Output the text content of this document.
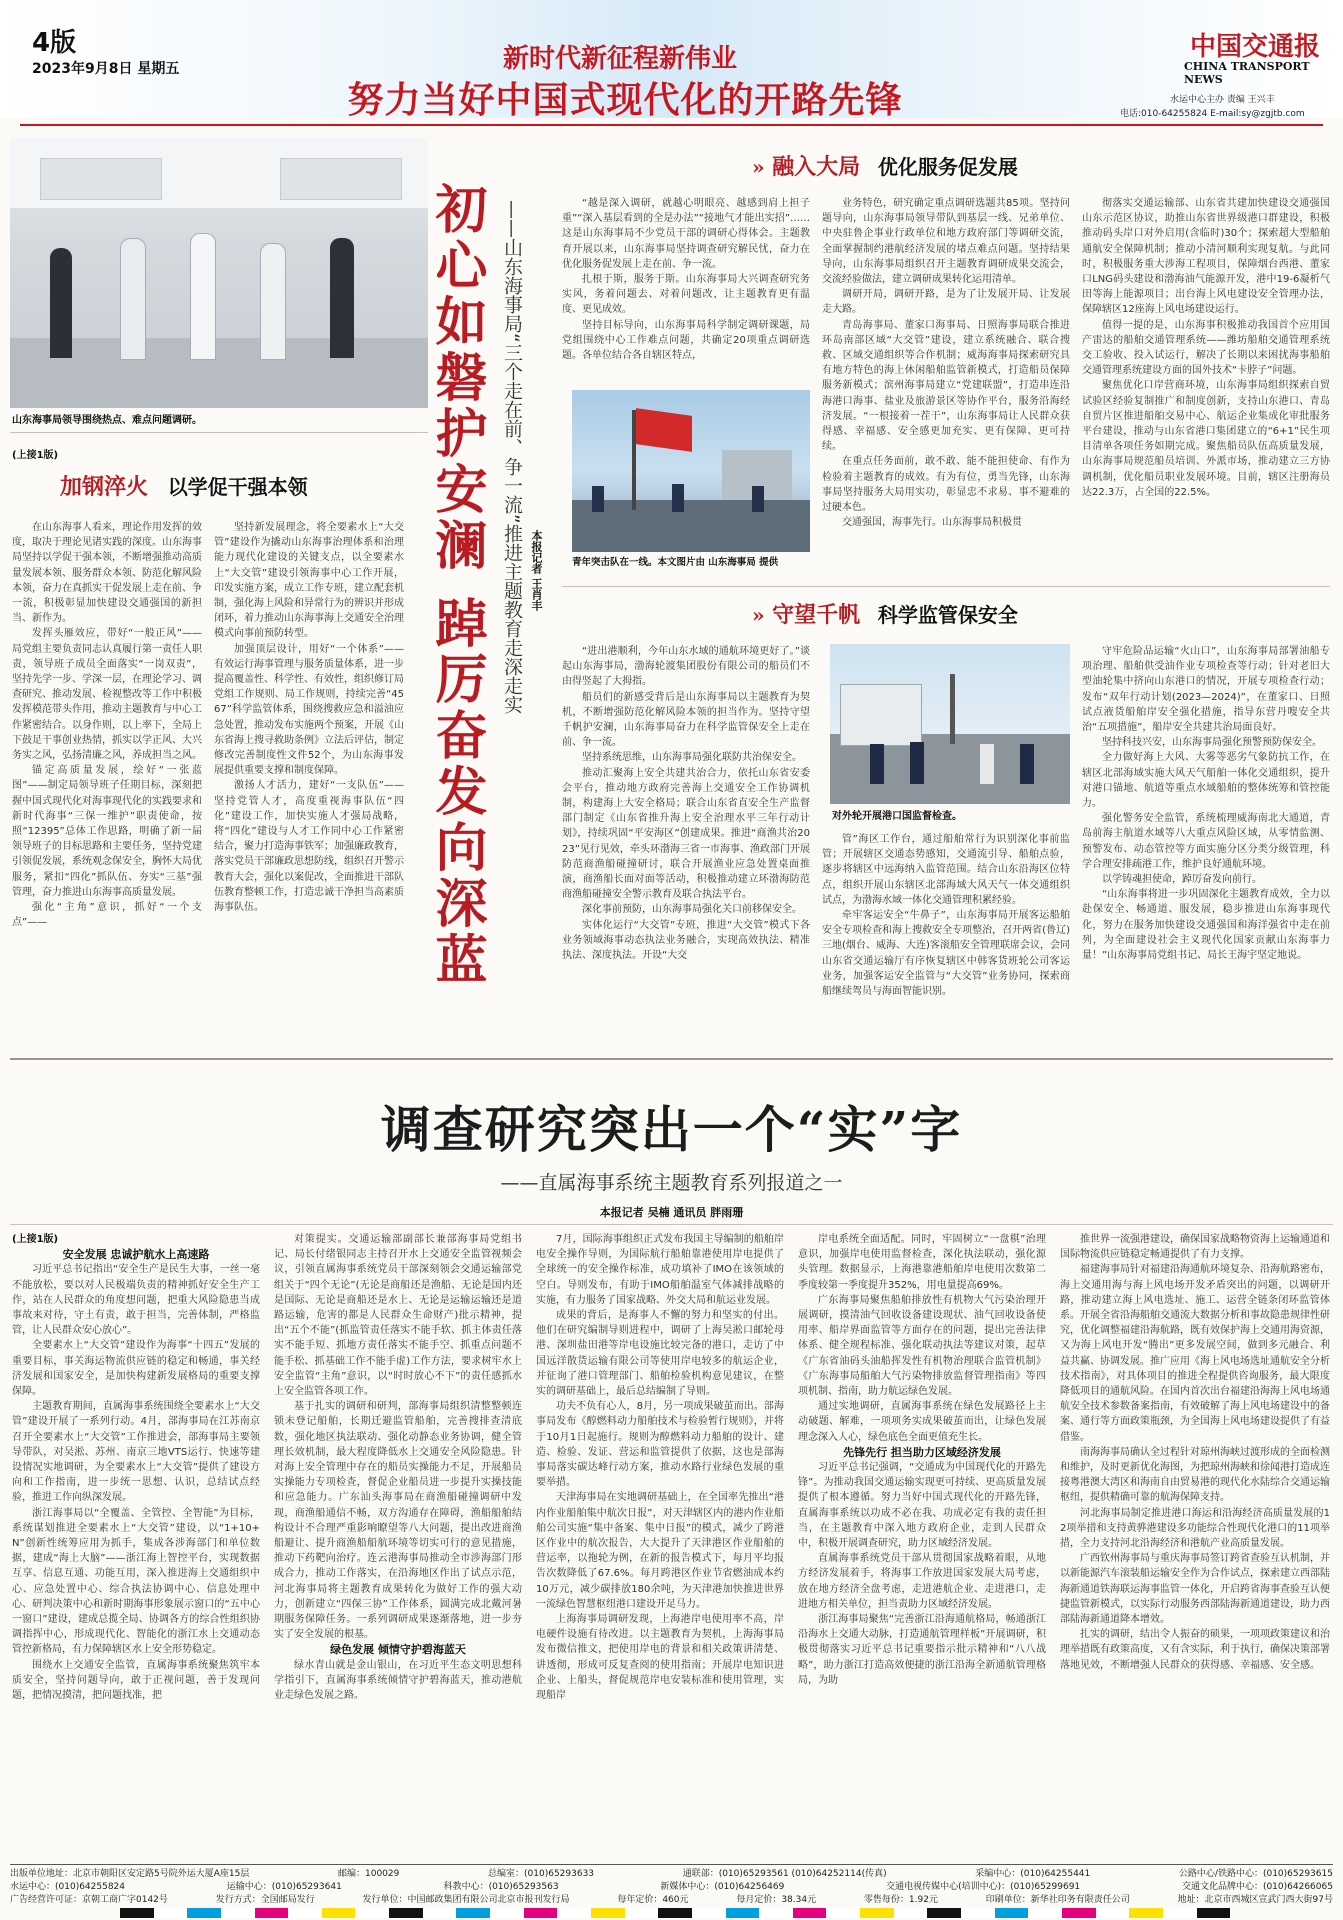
4版
2023年9月8日 星期五	新时代新征程新伟业
努力当好中国式现代化的开路先锋
中国交通报
CHINA TRANSPORT NEWS
水运中心主办 责编 王兴丰
电话:010-64255824 E-mail:sy@zgjtb.com
山东海事局领导围绕热点、难点问题调研。
(上接1版)
加钢淬火 以学促干强本领

在山东海事人看来，理论作用发挥的效度，取决于理论见诸实践的深度。山东海事局坚持以学促干强本领，不断增强推动高质量发展本领、服务群众本领、防范化解风险本领，奋力在真抓实干促发展上走在前、争一流，积极彰显加快建设交通强国的新担当、新作为。

发挥头雁效应，带好“一般正风”——局党组主要负责同志认真履行第一责任人职责，领导班子成员全面落实“一岗双责”，坚持先学一步、学深一层，在理论学习、调查研究、推动发展、检视整改等工作中积极发挥模范带头作用，推动主题教育与中心工作紧密结合。以身作则，以上率下，全局上下鼓足干事创业热情，抓实以学正风、大兴务实之风，弘扬清廉之风，养成担当之风。

锚定高质量发展，绘好“一张蓝图”——制定局领导班子任期目标，深刻把握中国式现代化对海事现代化的实践要求和新时代海事“三保一维护”职责使命，按照“12395”总体工作思路，明确了新一届领导班子的目标思路和主要任务，坚持党建引领促发展，系统观念保安全，胸怀大局优服务，紧扣“四化”抓队伍、夯实“三基”强管理，奋力推进山东海事高质量发展。

强化“主角”意识，抓好“一个支点”——

坚持新发展理念，将全要素水上“大交管”建设作为撬动山东海事治理体系和治理能力现代化建设的关键支点，以全要素水上“大交管”建设引领海事中心工作开展，印发实施方案，成立工作专班，建立配套机制，强化海上风险和异常行为的辨识并形成闭环，着力推动山东海事海上交通安全治理模式向事前预防转型。

加强顶层设计，用好“一个体系”——有效运行海事管理与服务质量体系，进一步提高覆盖性、科学性、有效性，组织修订局党组工作规则、局工作规则，持续完善“4567”科学监管体系，围绕搜救应急和溢油应急处置，推动发布实施两个预案，开展《山东省海上搜寻救助条例》立法后评估，制定修改完善制度性文件52个，为山东海事发展提供重要支撑和制度保障。

激扬人才活力，建好“一支队伍”——坚持党管人才，高度重视海事队伍“四化”建设工作，加快实施人才强局战略，将“四化”建设与人才工作同中心工作紧密结合，聚力打造海事铁军；加强廉政教育，落实党员干部廉政思想防线，组织召开警示教育大会，强化以案促改，全面推进干部队伍教育整顿工作，打造忠诚干净担当高素质海事队伍。	初心如磐护安澜 踔厉奋发向深蓝 ——山东海事局“三个走在前、争一流”推进主题教育走深走实 本报记者 王肖丰
» 融入大局 优化服务促发展

“越是深入调研，就越心明眼亮、越感到肩上担子重”“深入基层看到的全是办法”“接地气才能出实招”……这是山东海事局不少党员干部的调研心得体会。主题教育开展以来，山东海事局坚持调查研究解民忧，奋力在优化服务促发展上走在前、争一流。

扎根于斯，服务于斯。山东海事局大兴调查研究务实风，务着问题去、对着问题改，让主题教育更有温度、更见成效。

坚持目标导向，山东海事局科学制定调研课题，局党组围绕中心工作难点问题，共确定20项重点调研选题。各单位结合各自辖区特点，

青年突击队在一线。本文图片由 山东海事局 提供

业务特色，研究确定重点调研选题共85项。坚持问题导向，山东海事局领导带队到基层一线、兄弟单位、中央驻鲁企事业行政单位和地方政府部门等调研交流，全面掌握制约港航经济发展的堵点难点问题。坚持结果导向，山东海事局组织召开主题教育调研成果交流会，交流经验做法，建立调研成果转化运用清单。

调研开局，调研开路，是为了让发展开局、让发展走大路。

青岛海事局、董家口海事局、日照海事局联合推进环岛南部区域“大交管”建设，建立系统融合、联合搜救、区域交通组织等合作机制；威海海事局探索研究具有地方特色的海上休闲船舶监管新模式，打造船员保障服务新模式；滨州海事局建立“党建联盟”，打造串连沿海港口海事、盐业及旅游景区等协作平台，服务沿海经济发展。“一根接着一茬干”，山东海事局让人民群众获得感、幸福感、安全感更加充实、更有保障、更可持续。

在重点任务面前，敢不敢、能不能担使命、有作为检验着主题教育的成效。有为有位，勇当先锋，山东海事局坚持服务大局用实功，彰显忠不求易、事不避难的过硬本色。

交通强国，海事先行。山东海事局积极贯

彻落实交通运输部、山东省共建加快建设交通强国山东示范区协议，助推山东省世界级港口群建设，积极推动码头岸口对外启用(含临时)30个；探索超大型船舶通航安全保障机制；推动小清河顺利实现复航。与此同时，积极服务重大涉海工程项目，保障烟台西港、董家口LNG码头建设和渤海油气能源开发，港中19-6凝析气田等海上能源项目；出台海上风电建设安全管理办法，保障辖区12座海上风电场建设运行。

值得一提的是，山东海事积极推动我国首个应用国产雷达的船舶交通管理系统——潍坊船舶交通管理系统交工验收、投入试运行，解决了长期以来困扰海事船舶交通管理系统建设方面的国外技术“卡脖子”问题。

聚焦优化口岸营商环境，山东海事局组织探索自贸试验区经验复制推广和制度创新，支持山东港口、青岛自贸片区推进船舶交易中心、航运企业集成化审批服务平台建设，推动与山东省港口集团建立的“6+1”民生项目清单各项任务如期完成。聚焦船员队伍高质量发展，山东海事局规范船员培训、外派市场，推动建立三方协调机制，优化船员职业发展环境。目前，辖区注册海员达22.3万，占全国的22.5%。

» 守望千帆 科学监管保安全

“进出港顺利，今年山东水域的通航环境更好了。”谈起山东海事局，渤海轮渡集团股份有限公司的船员们不由得竖起了大拇指。

船员们的新感受背后是山东海事局以主题教育为契机，不断增强防范化解风险本领的担当作为。坚持守望千帆护安澜，山东海事局奋力在科学监管保安全上走在前、争一流。

坚持系统思维，山东海事局强化联防共治保安全。

推动汇聚海上安全共建共治合力，依托山东省安委会平台，推动地方政府完善海上交通安全工作协调机制，构建海上大安全格局；联合山东省直安全生产监督部门制定《山东省推升海上安全治理水平三年行动计划》，持续巩固“平安海区”创建成果。推进“商渔共治2023”见行见效，牵头环渤海三省一市海事、渔政部门开展防范商渔船碰撞研讨，联合开展渔业应急处置桌面推演，商渔船长面对面等活动，积极推动建立环渤海防范商渔船碰撞安全警示教育及联合执法平台。

深化事前预防，山东海事局强化关口前移保安全。

实体化运行“大交管”专班，推进“大交管”模式下各业务领域海事动态执法业务融合，实现高效执法、精准执法、深度执法。开设“大交

对外轮开展港口国监督检查。

管”海区工作台，通过船舶常行为识别深化事前监管；开展辖区交通态势感知，交通流引导、船舶点验，逐步将辖区中远海纳入监管范围。结合山东沿海区位特点，组织开展山东辖区北部海域大风天气一体交通组织试点，为渤海水域一体化交通管理积累经验。

牵牢客运安全“牛鼻子”，山东海事局开展客运船舶安全专项检查和海上搜救安全专项整治，召开两省(鲁辽)三地(烟台、威海、大连)客滚船安全管理联席会议，会同山东省交通运输厅有序恢复辖区中韩客货班轮公司客运业务，加强客运安全监管与“大交管”业务协同，探索商船继续驾员与海面智能识别。

守牢危险品运输“火山口”，山东海事局部署油船专项治理、船舶供受油作业专项检查等行动；针对老旧大型油轮集中挤向山东港口的情况，开展专项检查行动；发布“双年行动计划(2023—2024)”，在董家口、日照试点液货船舶岸安全强化措施，指导东营丹嗖安全共治“五项措施”，船岸安全共建共治局面良好。

坚持科技兴安，山东海事局强化预警预防保安全。

全力做好海上大风、大雾等恶劣气象防抗工作，在辖区北部海域实施大风天气船舶一体化交通组织，提升对港口锚地、航道等重点水域船舶的整体统筹和管控能力。

强化警务安全监管，系统梳理威海南北大通道，青岛前海主航道水域等八大重点风险区域，从零情监测、预警发布、动态管控等方面实施分区分类分级管理，科学合理安排疏港工作，维护良好通航环境。

以学铸魂担使命，踔厉奋发向前行。

“山东海事将进一步巩固深化主题教育成效，全力以赴保安全、畅通道、服发展，稳步推进山东海事现代化，努力在服务加快建设交通强国和海洋强省中走在前列，为全面建设社会主义现代化国家贡献山东海事力量！”山东海事局党组书记、局长王海宇坚定地说。

调查研究突出一个“实”字
——直属海事系统主题教育系列报道之一
本报记者 吴楠 通讯员 胖雨珊

(上接1版)

安全发展 忠诚护航水上高速路

习近平总书记指出“安全生产是民生大事，一丝一毫不能放松，要以对人民极端负责的精神抓好安全生产工作，站在人民群众的角度想问题，把重大风险隐患当成事故来对待，守土有责，敢于担当，完善体制，严格监管，让人民群众安心放心”。

全要素水上“大交管”建设作为海事“十四五”发展的重要目标，事关海运物流供应链的稳定和畅通，事关经济发展和国家安全，是加快构建新发展格局的重要支撑保障。

主题教育期间，直属海事系统围绕全要素水上“大交管”建设开展了一系列行动。4月，部海事局在江苏南京召开全要素水上“大交管”工作推进会，部海事局主要领导带队，对吴淞、苏州、南京三地VTS运行、快速等建设情况实地调研，为全要素水上“大交管”提供了建设方向和工作指南，进一步统一思想、认识，总结试点经验，推进工作向纵深发展。

浙江海事局以“全覆盖、全管控、全智能”为目标，系统谋划推进全要素水上“大交管”建设，以“1+10+N”创新性统筹应用为抓手，集成各涉海部门和单位数据，建成“海上大脑”——浙江海上智控平台，实现数据互享、信息互通、功能互用，深入推进海上交通组织中心、应急处置中心、综合执法协调中心、信息处理中心、研判决策中心和新时期海事形象展示窗口的“五中心一窗口”建设，建成总揽全局、协调各方的综合性组织协调指挥中心，形成现代化、智能化的浙江水上交通动态管控新格局，有力保障辖区水上安全形势稳定。

围绕水上交通安全监管，直属海事系统聚焦筑牢本质安全，坚持问题导向，敢于正视问题，善于发现问题，把情况摸清，把问题找准，把

对策提实。交通运输部副部长兼部海事局党组书记、局长付绪银同志主持召开水上交通安全监管视频会议，引领直属海事系统党员干部深刻领会交通运输部党组关于“四个无论”(无论是商船还是渔船、无论是国内还是国际、无论是商船还是水上、无论是运输运输还是道路运输，危害的都是人民群众生命财产)批示精神，提出“五个不能”(抓监管责任落实不能手软、抓主体责任落实不能手短、抓地方责任落实不能手空、抓重点问题不能手松、抓基础工作不能手虚)工作方法，要求树牢水上安全监管“主角”意识，以“时时放心不下”的责任感抓水上安全监管各项工作。

基于扎实的调研和研判，部海事局组织清整整顿连锁未登记船舶，长期迁避监管船舶，完善搜排查清底数，强化地区执法联动、强化动静态业务协调，健全管理长效机制，最大程度降低水上交通安全风险隐患。针对海上安全管理中存在的船员实操能力不足，开展船员实操能力专项检查，督促企业船员进一步提升实操技能和应急能力。广东汕头海事局在商渔船碰撞调研中发现，商渔船通信不畅，双方沟通存在障碍，渔船船舶结构设计不合理严重影响瞭望等八大问题，提出改进商渔船避让、提升商渔船船航环境等切实可行的意见措施，推动下药靶向治疗。连云港海事局推动全市涉海部门形成合力，推动工作落实，在沿海地区作出了试点示范，河北海事局将主题教育成果转化为做好工作的强大动力，创新建立“四保三协”工作体系，圆满完成北戴河暑期服务保障任务。一系列调研成果逐渐落地，进一步夯实了安全发展的根基。

绿色发展 倾情守护碧海蓝天

绿水青山就是金山银山，在习近平生态文明思想科学指引下，直属海事系统倾情守护碧海蓝天，推动港航业走绿色发展之路。

7月，国际海事组织正式发布我国主导编制的船舶岸电安全操作导则，为国际航行船舶靠港使用岸电提供了全球统一的安全操作标准，成功填补了IMO在该领域的空白。导则发布，有助于IMO船舶温室气体减排战略的实施，有力服务了国家战略、外交大局和航运业发展。

成果的背后，是海事人不懈的努力和坚实的付出。他们在研究编制导则进程中，调研了上海吴淞口邮轮母港、深圳盐田港等岸电设施比较完备的港口，走访了中国远洋散货运输有限公司等使用岸电较多的航运企业，并征询了港口管理部门、船舶检验机构意见建议，在整实的调研基础上，最后总结编制了导则。

功夫不负有心人，8月，另一项成果破茧而出。部海事局发布《醇燃料动力船舶技术与检验暂行规则》，并将于10月1日起施行。规则为醇燃料动力船舶的设计、建造、检验、发证、营运和监管提供了依据，这也是部海事局落实碳达峰行动方案，推动水路行业绿色发展的重要举措。

天津海事局在实地调研基础上，在全国率先推出“港内作业船舶集中航次日报”，对天津辖区内的港内作业船舶公司实施“集中备案、集中日报”的模式，减少了跨港区作业中的航次报告，大大提升了天津港区作业船舶的营运率，以拖轮为例，在新的报告模式下，每月平均报告次数降低了67.6%。每月跨港区作业节省燃油成本约10万元，减少碳排放180余吨，为天津港加快推进世界一流绿色智慧枢纽港口建设开足马力。

上海海事局调研发现，上海港岸电使用率不高，岸电硬件设施有待改进。以主题教育为契机，上海海事局发布微信推文，把使用岸电的背景和相关政策讲清楚、讲透彻，形成可反复查阅的使用指南；开展岸电知识进企业、上船头，督促规范岸电安装标准和使用管理，实现船岸

岸电系统全面适配。同时，牢固树立“一盘棋”治理意识，加强岸电使用监督检查，深化执法联动，强化源头管理。数据显示，上海港靠港船舶岸电使用次数第二季度较第一季度提升352%，用电量提高69%。

广东海事局聚焦船舶排放性有机物大气污染治理开展调研，摸清油气回收设备建设现状、油气回收设备使用率、船岸界面监管等方面存在的问题，提出完善法律体系、健全规程标准、强化联动执法等建议对策，起草《广东省油码头油船挥发性有机物治理联合监管机制》《广东海事局船舶大气污染物排放监督管理指南》等四项机制、指南，助力航运绿色发展。

通过实地调研，直属海事系统在绿色发展路径上主动破题、解难，一项项务实成果破茧而出，让绿色发展理念深入人心，绿色底色全面更值充生长。

先锋先行 担当助力区域经济发展

习近平总书记强调，“交通成为中国现代化的开路先锋”。为推动我国交通运输实现更可持续、更高质量发展提供了根本遵循。努力当好中国式现代化的开路先锋，直属海事系统以功成不必在我、功成必定有我的责任担当，在主题教育中深入地方政府企业，走到人民群众中，积极开展调查研究，助力区域经济发展。

直属海事系统党员干部从贯彻国家战略着眼，从地方经济发展着手，将海事工作放进国家发展大局考虑，放在地方经济全盘考虑，走进港航企业、走进港口，走进地方相关单位，担当责助力区域经济发展。

浙江海事局聚焦“完善浙江沿海通航格局，畅通浙江沿海水上交通大动脉，打造通航管理样板”开展调研，积极贯彻落实习近平总书记重要指示批示精神和“八八战略”，助力浙江打造高效便捷的浙江沿海全新通航管理格局，为助

推世界一流强港建设，确保国家战略物资海上运输通道和国际物流供应链稳定畅通提供了有力支撑。

福建海事局针对福建沿海通航环境复杂、沿海航路密布，海上交通用海与海上风电场开发矛盾突出的问题，以调研开路，推动建立海上风电选址、施工、运营全链条闭环监管体系。开展全省沿海船舶交通流大数据分析和事故隐患规律性研究，优化调整福建沿海航路，既有效保护海上交通用海资源，又为海上风电开发“腾出”更多发展空间，做到多元融合、利益共赢、协调发展。推广应用《海上风电场选址通航安全分析技术指南》，对具体项目的推进全程提供咨询服务，最大限度降低项目的通航风险。在国内首次出台福建沿海海上风电场通航安全技术参数备案指南，有效破解了海上风电场建设中的备案、通行等方面政策瓶颈，为全国海上风电场建设提供了有益借鉴。

南海海事局确认全过程针对琼州海峡过渡形成的全面检测和维护，及时更新优化海图，为把琼州海峡和徐闻港打造成连接粤港澳大湾区和海南自由贸易港的现代化水陆综合交通运输枢纽，提供精确可靠的航海保障支持。

河北海事局制定推进港口海运和沿海经济高质量发展的12项举措和支持黄骅港建设多功能综合性现代化港口的11项举措，全力支持河北沿海经济和港航产业高质量发展。

广西钦州海事局与重庆海事局签订跨省查验互认机制，并以新能源汽车滚装船运输安全作为合作试点，探索建立西部陆海新通道铁海联运海事监管一体化，开启跨省海事查验互认便捷监管新模式，以实际行动服务西部陆海新通道建设，助力西部陆海新通道降本增效。

扎实的调研，结出令人振奋的硕果，一项项政策建议和治理举措既有政策高度，又有含实际，利于执行，确保决策部署落地见效，不断增强人民群众的获得感、幸福感、安全感。

出版单位地址：北京市朝阳区安定路5号院外运大厦A座15层	邮编：100029	总编室：(010)65293633	通联部：(010)65293561 (010)64252114(传真)	采编中心：(010)64255441	公路中心/铁路中心：(010)65293615
水运中心：(010)64255824	运输中心：(010)65293641	科教中心：(010)65293563	新媒体中心：(010)64256469	交通电视传媒中心(培训中心)：(010)65299691	交通文化品牌中心：(010)64266065
广告经营许可证：京朝工商广字0142号	发行方式：全国邮局发行	发行单位：中国邮政集团有限公司北京市报刊发行局	每年定价：460元	每月定价：38.34元	零售每份：1.92元	印刷单位：新华社印务有限责任公司	地址：北京市西城区宣武门西大街97号
